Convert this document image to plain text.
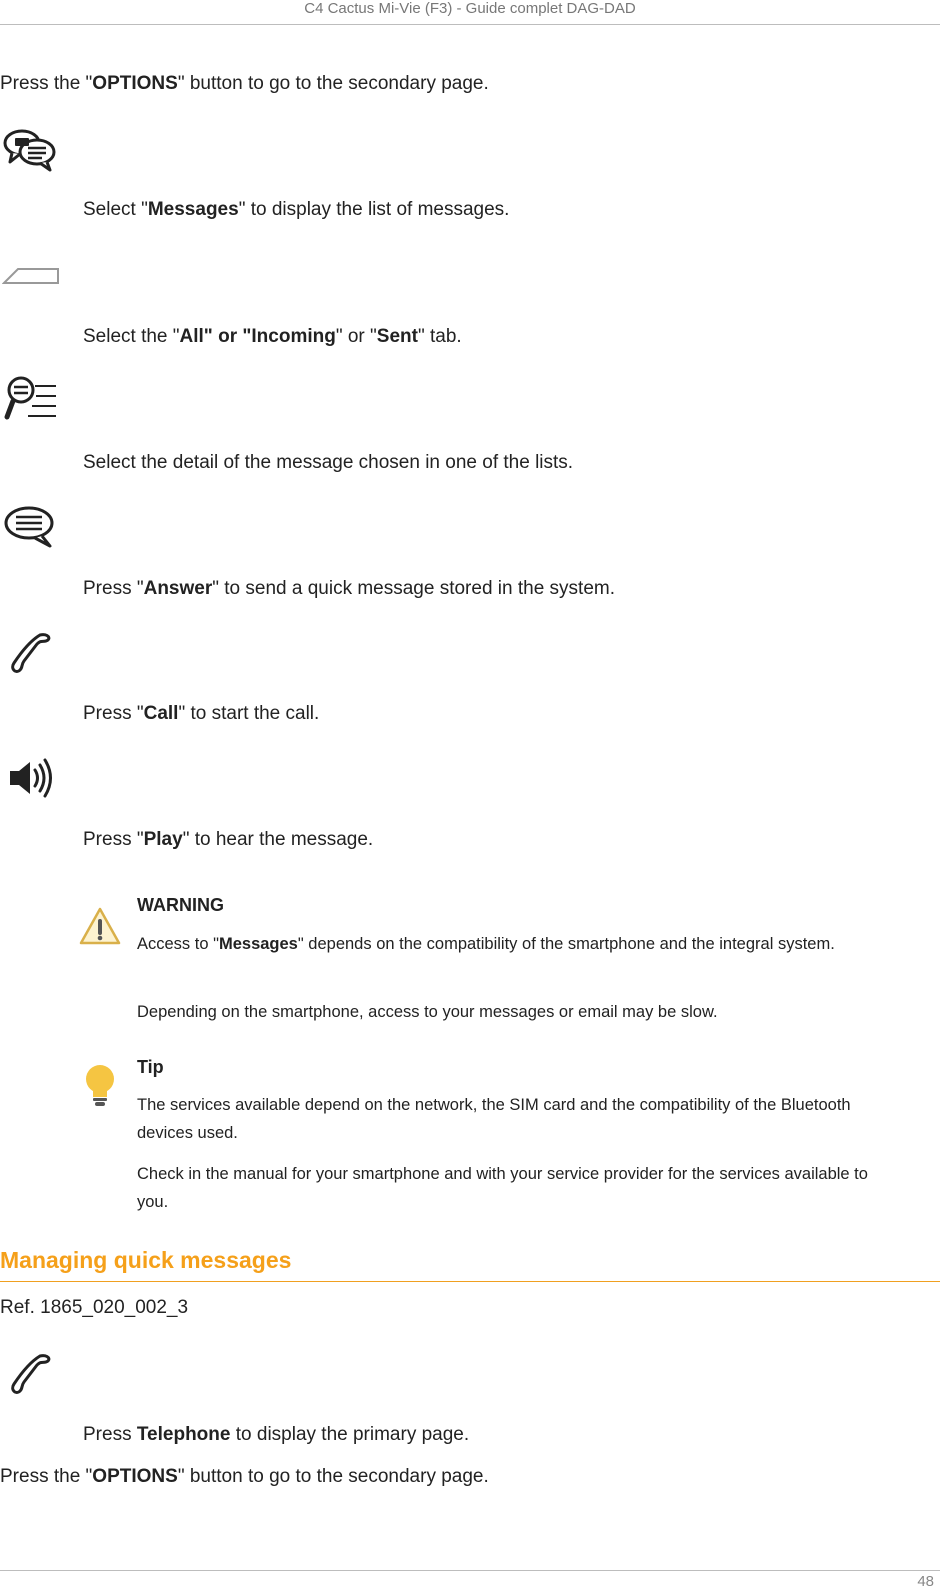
C4 Cactus Mi-Vie (F3) - Guide complet DAG-DAD
Press the "OPTIONS" button to go to the secondary page.
Select "Messages" to display the list of messages.
Select the "All" or "Incoming" or "Sent" tab.
Select the detail of the message chosen in one of the lists.
Press "Answer" to send a quick message stored in the system.
Press "Call" to start the call.
Press "Play" to hear the message.
WARNING
Access to "Messages" depends on the compatibility of the smartphone and the integral system.
Depending on the smartphone, access to your messages or email may be slow.
Tip
The services available depend on the network, the SIM card and the compatibility of the Bluetooth devices used.
Check in the manual for your smartphone and with your service provider for the services available to you.
Managing quick messages
Ref. 1865_020_002_3
Press Telephone to display the primary page.
Press the "OPTIONS" button to go to the secondary page.
48
